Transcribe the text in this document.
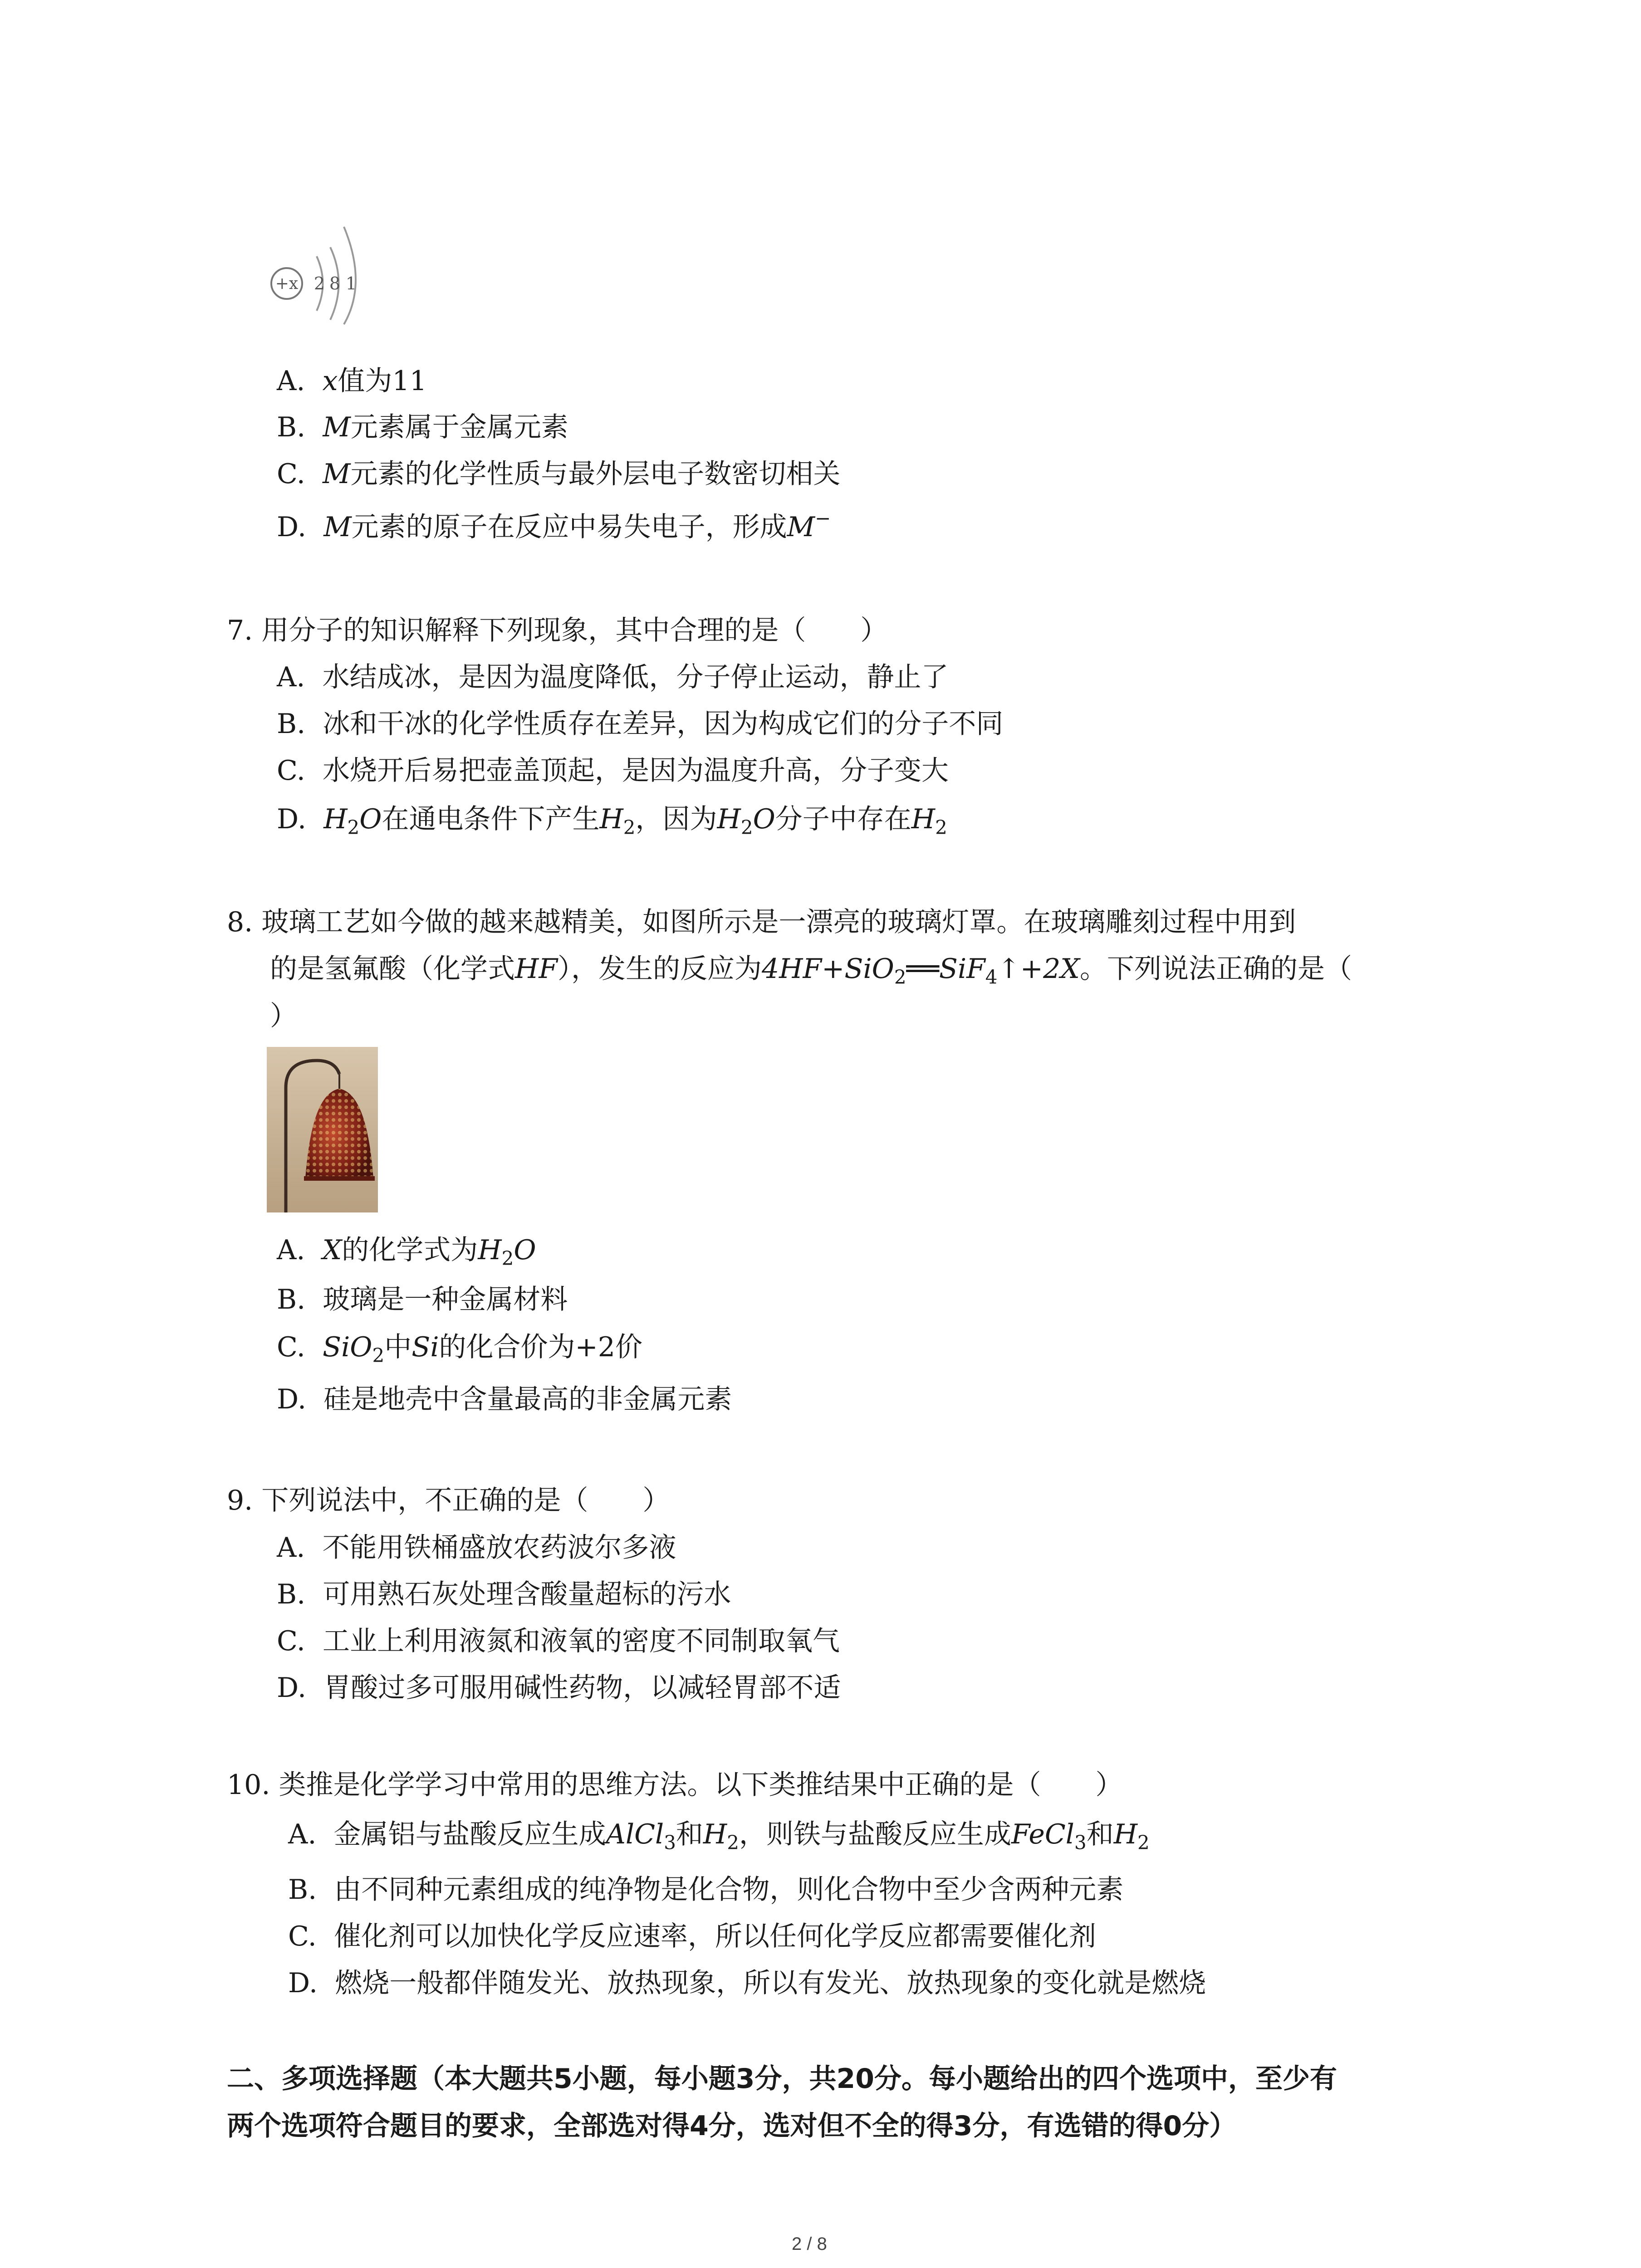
+x 2 8 1
A. x值为11
B. M元素属于金属元素
C. M元素的化学性质与最外层电子数密切相关
D. M元素的原子在反应中易失电子，形成M−
7. 用分子的知识解释下列现象，其中合理的是（　　）
A. 水结成冰，是因为温度降低，分子停止运动，静止了
B. 冰和干冰的化学性质存在差异，因为构成它们的分子不同
C. 水烧开后易把壶盖顶起，是因为温度升高，分子变大
D. $H_2O$在通电条件下产生$H_2$，因为$H_2O$分子中存在$H_2$
8. 玻璃工艺如今做的越来越精美，如图所示是一漂亮的玻璃灯罩。在玻璃雕刻过程中用到
的是氢氟酸（化学式HF），发生的反应为4HF+SiO$_2$══SiF$_4$↑+2X。下列说法正确的是（
）
A. X的化学式为$H_2O$
B. 玻璃是一种金属材料
C. SiO$_2$中Si的化合价为+2价
D. 硅是地壳中含量最高的非金属元素
9. 下列说法中，不正确的是（　　）
A. 不能用铁桶盛放农药波尔多液
B. 可用熟石灰处理含酸量超标的污水
C. 工业上利用液氮和液氧的密度不同制取氧气
D. 胃酸过多可服用碱性药物，以减轻胃部不适
10. 类推是化学学习中常用的思维方法。以下类推结果中正确的是（　　）
A. 金属铝与盐酸反应生成AlCl$_3$和$H_2$，则铁与盐酸反应生成FeCl$_3$和$H_2$
B. 由不同种元素组成的纯净物是化合物，则化合物中至少含两种元素
C. 催化剂可以加快化学反应速率，所以任何化学反应都需要催化剂
D. 燃烧一般都伴随发光、放热现象，所以有发光、放热现象的变化就是燃烧
二、多项选择题（本大题共5小题，每小题3分，共20分。每小题给出的四个选项中，至少有
两个选项符合题目的要求，全部选对得4分，选对但不全的得3分，有选错的得0分）
2 / 8
